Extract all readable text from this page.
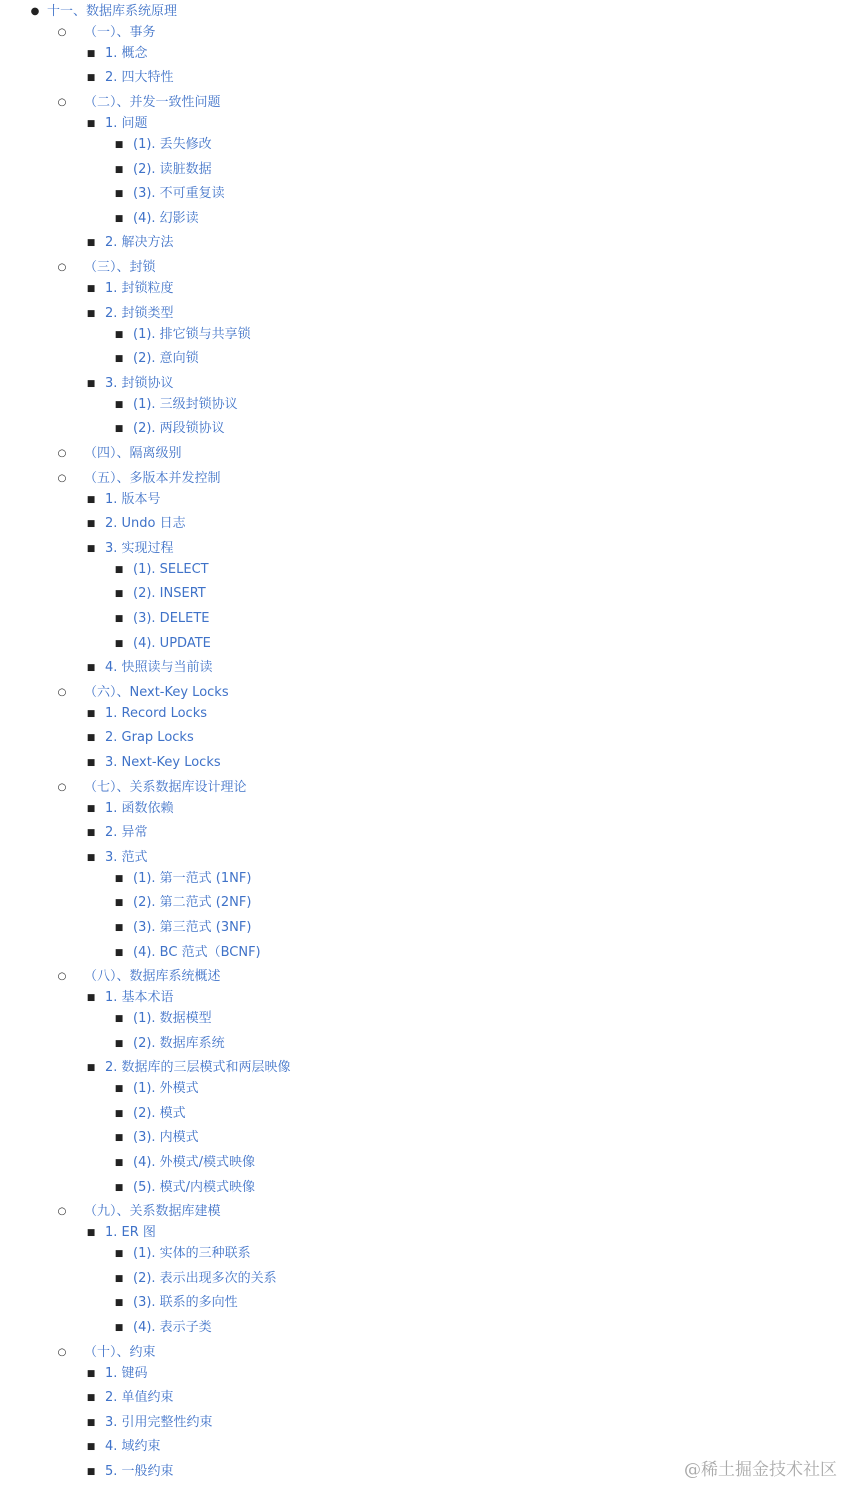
● 十一、数据库系统原理
○	（一）、事务
■ 1. 概念
■ 2. 四大特性
○	（二）、并发一致性问题
■ 1. 问题
■ (1). 丢失修改
■ (2). 读脏数据
■ (3). 不可重复读
■ (4). 幻影读
■ 2. 解决方法
○	（三）、封锁
■ 1. 封锁粒度
■ 2. 封锁类型
■ (1). 排它锁与共享锁
■ (2). 意向锁
■ 3. 封锁协议
■ (1). 三级封锁协议
■ (2). 两段锁协议
○	（四）、隔离级别
○	（五）、多版本并发控制
■ 1. 版本号
■ 2. Undo 日志
■ 3. 实现过程
■ (1). SELECT
■ (2). INSERT
■ (3). DELETE
■ (4). UPDATE
■ 4. 快照读与当前读
○	（六）、Next-Key Locks
■ 1. Record Locks
■ 2. Grap Locks
■ 3. Next-Key Locks
○	（七）、关系数据库设计理论
■ 1. 函数依赖
■ 2. 异常
■ 3. 范式
■ (1). 第一范式 (1NF)
■ (2). 第二范式 (2NF)
■ (3). 第三范式 (3NF)
■ (4). BC 范式（BCNF)
○	（八）、数据库系统概述
■ 1. 基本术语
■ (1). 数据模型
■ (2). 数据库系统
■ 2. 数据库的三层模式和两层映像
■ (1). 外模式
■ (2). 模式
■ (3). 内模式
■ (4). 外模式/模式映像
■ (5). 模式/内模式映像
○	（九）、关系数据库建模
■ 1. ER 图
■ (1). 实体的三种联系
■ (2). 表示出现多次的关系
■ (3). 联系的多向性
■ (4). 表示子类
○	（十）、约束
■ 1. 键码
■ 2. 单值约束
■ 3. 引用完整性约束
■ 4. 域约束
■ 5. 一般约束	@稀土掘金技术社区
